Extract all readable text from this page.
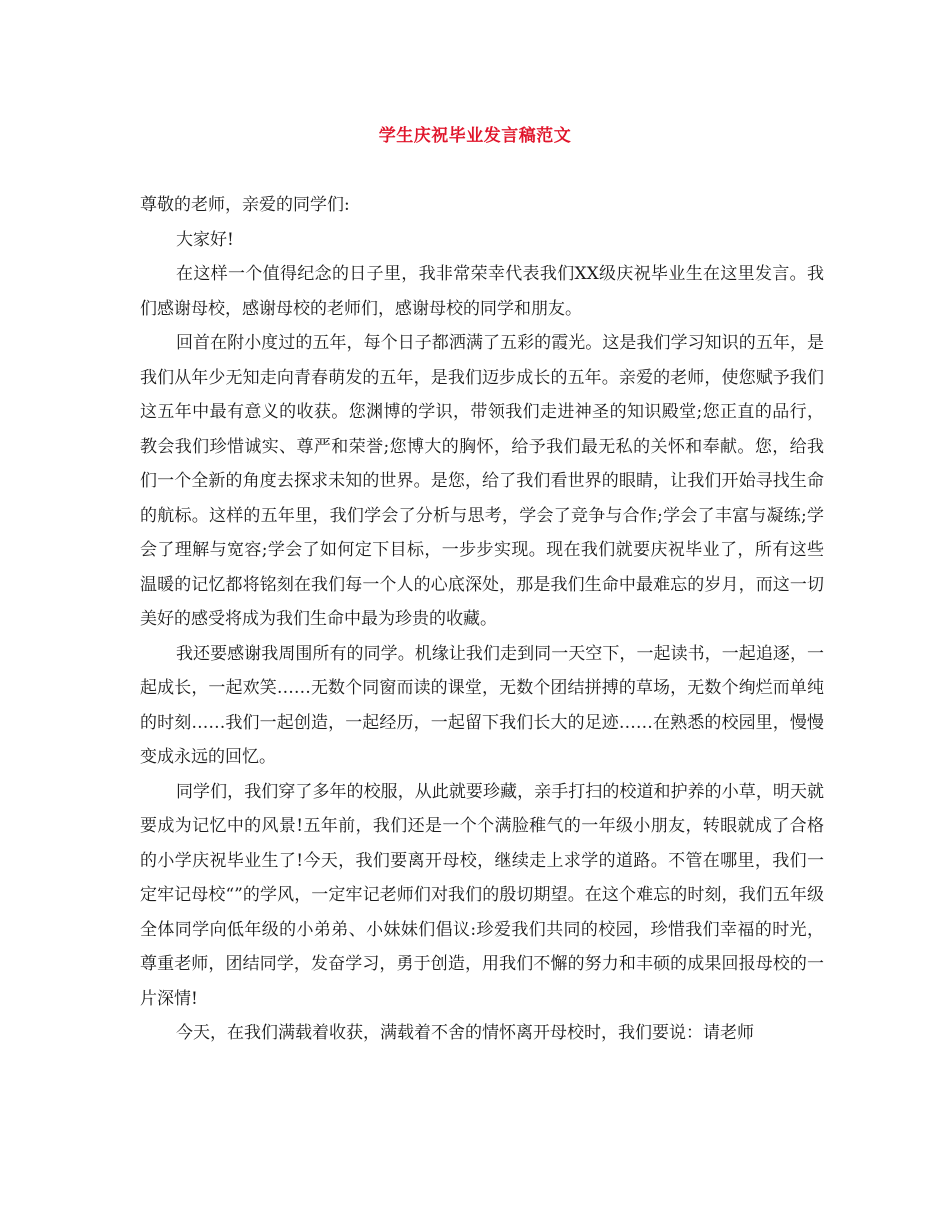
学生庆祝毕业发言稿范文

尊敬的老师，亲爱的同学们:

大家好!

在这样一个值得纪念的日子里，我非常荣幸代表我们XX级庆祝毕业生在这里发言。我们感谢母校，感谢母校的老师们，感谢母校的同学和朋友。

回首在附小度过的五年，每个日子都洒满了五彩的霞光。这是我们学习知识的五年，是我们从年少无知走向青春萌发的五年，是我们迈步成长的五年。亲爱的老师，使您赋予我们这五年中最有意义的收获。您渊博的学识，带领我们走进神圣的知识殿堂;您正直的品行，教会我们珍惜诚实、尊严和荣誉;您博大的胸怀，给予我们最无私的关怀和奉献。您，给我们一个全新的角度去探求未知的世界。是您，给了我们看世界的眼睛，让我们开始寻找生命的航标。这样的五年里，我们学会了分析与思考，学会了竞争与合作;学会了丰富与凝练;学会了理解与宽容;学会了如何定下目标，一步步实现。现在我们就要庆祝毕业了，所有这些温暖的记忆都将铭刻在我们每一个人的心底深处，那是我们生命中最难忘的岁月，而这一切美好的感受将成为我们生命中最为珍贵的收藏。

我还要感谢我周围所有的同学。机缘让我们走到同一天空下，一起读书，一起追逐，一起成长，一起欢笑……无数个同窗而读的课堂，无数个团结拼搏的草场，无数个绚烂而单纯的时刻……我们一起创造，一起经历，一起留下我们长大的足迹……在熟悉的校园里，慢慢变成永远的回忆。

同学们，我们穿了多年的校服，从此就要珍藏，亲手打扫的校道和护养的小草，明天就要成为记忆中的风景!五年前，我们还是一个个满脸稚气的一年级小朋友，转眼就成了合格的小学庆祝毕业生了!今天，我们要离开母校，继续走上求学的道路。不管在哪里，我们一定牢记母校“”的学风，一定牢记老师们对我们的殷切期望。在这个难忘的时刻，我们五年级全体同学向低年级的小弟弟、小妹妹们倡议:珍爱我们共同的校园，珍惜我们幸福的时光，尊重老师，团结同学，发奋学习，勇于创造，用我们不懈的努力和丰硕的成果回报母校的一片深情!

今天，在我们满载着收获，满载着不舍的情怀离开母校时，我们要说：请老师
